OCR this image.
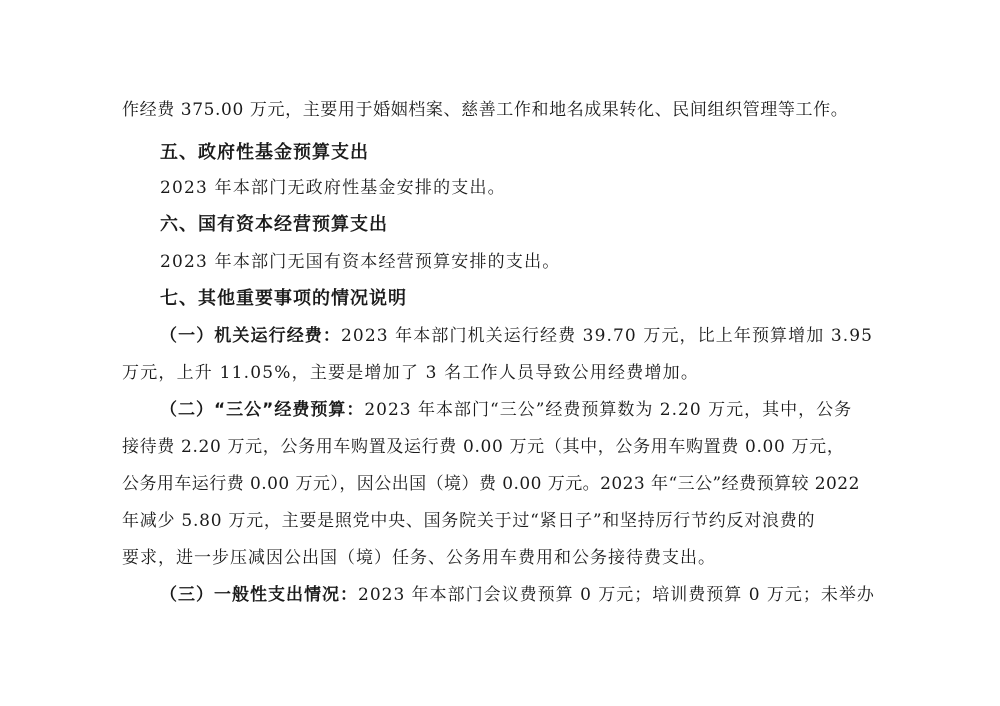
作经费 375.00 万元，主要用于婚姻档案、慈善工作和地名成果转化、民间组织管理等工作。
五、政府性基金预算支出
2023 年本部门无政府性基金安排的支出。
六、国有资本经营预算支出
2023 年本部门无国有资本经营预算安排的支出。
七、其他重要事项的情况说明
（一）机关运行经费：2023 年本部门机关运行经费 39.70 万元，比上年预算增加 3.95
万元，上升 11.05%，主要是增加了 3 名工作人员导致公用经费增加。
（二）“三公”经费预算：2023 年本部门“三公”经费预算数为 2.20 万元，其中，公务
接待费 2.20 万元，公务用车购置及运行费 0.00 万元（其中，公务用车购置费 0.00 万元，
公务用车运行费 0.00 万元），因公出国（境）费 0.00 万元。2023 年“三公”经费预算较 2022
年减少 5.80 万元，主要是照党中央、国务院关于过“紧日子”和坚持厉行节约反对浪费的
要求，进一步压减因公出国（境）任务、公务用车费用和公务接待费支出。
（三）一般性支出情况：2023 年本部门会议费预算 0 万元；培训费预算 0 万元；未举办
